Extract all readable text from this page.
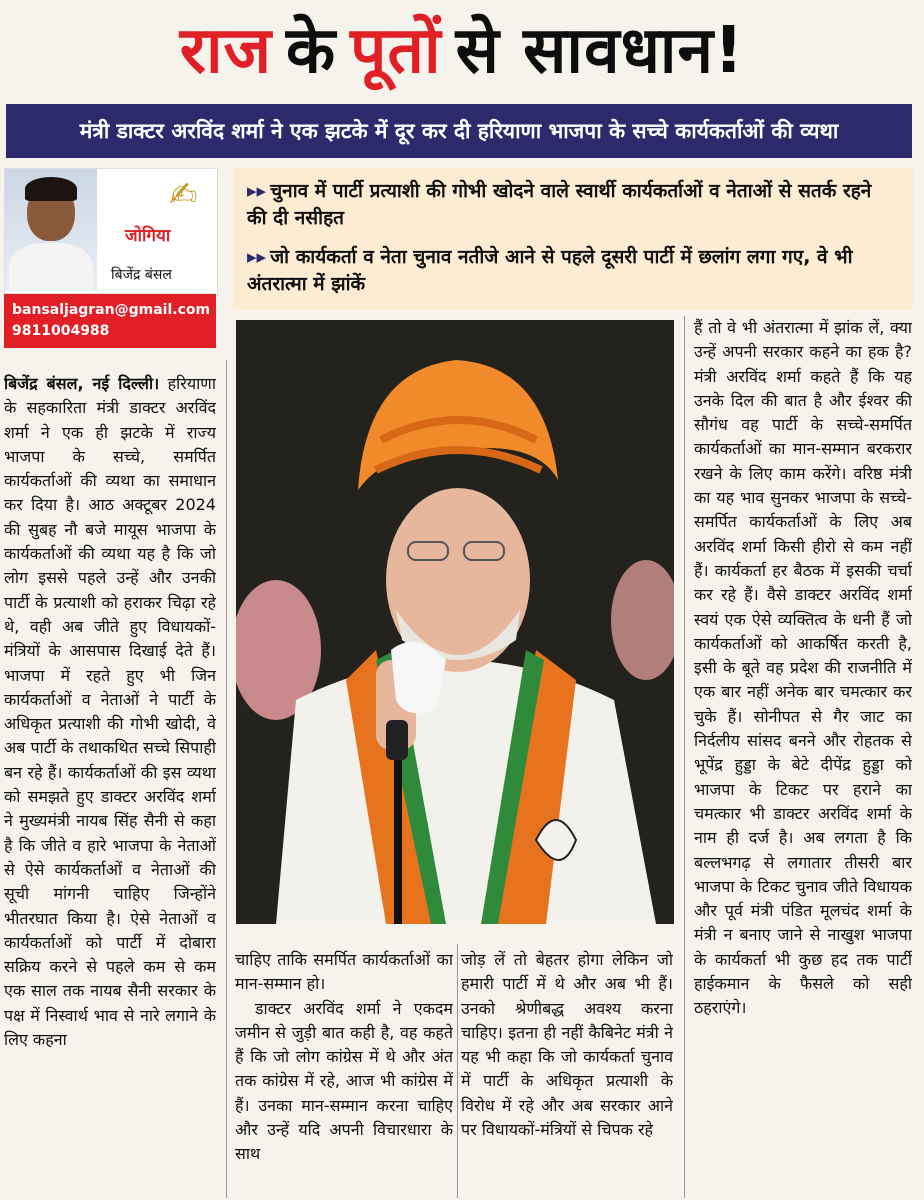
राज के पूतों से सावधान!
मंत्री डाक्टर अरविंद शर्मा ने एक झटके में दूर कर दी हरियाणा भाजपा के सच्चे कार्यकर्ताओं की व्यथा
✍
जोगिया
बिजेंद्र बंसल
bansaljagran@gmail.com
9811004988
▸▸ चुनाव में पार्टी प्रत्याशी की गोभी खोदने वाले स्वार्थी कार्यकर्ताओं व नेताओं से सतर्क रहने की दी नसीहत
▸▸ जो कार्यकर्ता व नेता चुनाव नतीजे आने से पहले दूसरी पार्टी में छलांग लगा गए, वे भी अंतरात्मा में झांकें

बिजेंद्र बंसल, नई दिल्ली। हरियाणा के सहकारिता मंत्री डाक्टर अरविंद शर्मा ने एक ही झटके में राज्य भाजपा के सच्चे, समर्पित कार्यकर्ताओं की व्यथा का समाधान कर दिया है। आठ अक्टूबर 2024 की सुबह नौ बजे मायूस भाजपा के कार्यकर्ताओं की व्यथा यह है कि जो लोग इससे पहले उन्हें और उनकी पार्टी के प्रत्याशी को हराकर चिढ़ा रहे थे, वही अब जीते हुए विधायकों-मंत्रियों के आसपास दिखाई देते हैं। भाजपा में रहते हुए भी जिन कार्यकर्ताओं व नेताओं ने पार्टी के अधिकृत प्रत्याशी की गोभी खोदी, वे अब पार्टी के तथाकथित सच्चे सिपाही बन रहे हैं। कार्यकर्ताओं की इस व्यथा को समझते हुए डाक्टर अरविंद शर्मा ने मुख्यमंत्री नायब सिंह सैनी से कहा है कि जीते व हारे भाजपा के नेताओं से ऐसे कार्यकर्ताओं व नेताओं की सूची मांगनी चाहिए जिन्होंने भीतरघात किया है। ऐसे नेताओं व कार्यकर्ताओं को पार्टी में दोबारा सक्रिय करने से पहले कम से कम एक साल तक नायब सैनी सरकार के पक्ष में निस्वार्थ भाव से नारे लगाने के लिए कहना

चाहिए ताकि समर्पित कार्यकर्ताओं का मान-सम्मान हो।

डाक्टर अरविंद शर्मा ने एकदम जमीन से जुड़ी बात कही है, वह कहते हैं कि जो लोग कांग्रेस में थे और अंत तक कांग्रेस में रहे, आज भी कांग्रेस में हैं। उनका मान-सम्मान करना चाहिए और उन्हें यदि अपनी विचारधारा के साथ

जोड़ लें तो बेहतर होगा लेकिन जो हमारी पार्टी में थे और अब भी हैं। उनको श्रेणीबद्ध अवश्य करना चाहिए। इतना ही नहीं कैबिनेट मंत्री ने यह भी कहा कि जो कार्यकर्ता चुनाव में पार्टी के अधिकृत प्रत्याशी के विरोध में रहे और अब सरकार आने पर विधायकों-मंत्रियों से चिपक रहे

हैं तो वे भी अंतरात्मा में झांक लें, क्या उन्हें अपनी सरकार कहने का हक है? मंत्री अरविंद शर्मा कहते हैं कि यह उनके दिल की बात है और ईश्वर की सौगंध वह पार्टी के सच्चे-समर्पित कार्यकर्ताओं का मान-सम्मान बरकरार रखने के लिए काम करेंगे। वरिष्ठ मंत्री का यह भाव सुनकर भाजपा के सच्चे-समर्पित कार्यकर्ताओं के लिए अब अरविंद शर्मा किसी हीरो से कम नहीं हैं। कार्यकर्ता हर बैठक में इसकी चर्चा कर रहे हैं। वैसे डाक्टर अरविंद शर्मा स्वयं एक ऐसे व्यक्तित्व के धनी हैं जो कार्यकर्ताओं को आकर्षित करती है, इसी के बूते वह प्रदेश की राजनीति में एक बार नहीं अनेक बार चमत्कार कर चुके हैं। सोनीपत से गैर जाट का निर्दलीय सांसद बनने और रोहतक से भूपेंद्र हुड्डा के बेटे दीपेंद्र हुड्डा को भाजपा के टिकट पर हराने का चमत्कार भी डाक्टर अरविंद शर्मा के नाम ही दर्ज है। अब लगता है कि बल्लभगढ़ से लगातार तीसरी बार भाजपा के टिकट चुनाव जीते विधायक और पूर्व मंत्री पंडित मूलचंद शर्मा के मंत्री न बनाए जाने से नाखुश भाजपा के कार्यकर्ता भी कुछ हद तक पार्टी हाईकमान के फैसले को सही ठहराएंगे।
